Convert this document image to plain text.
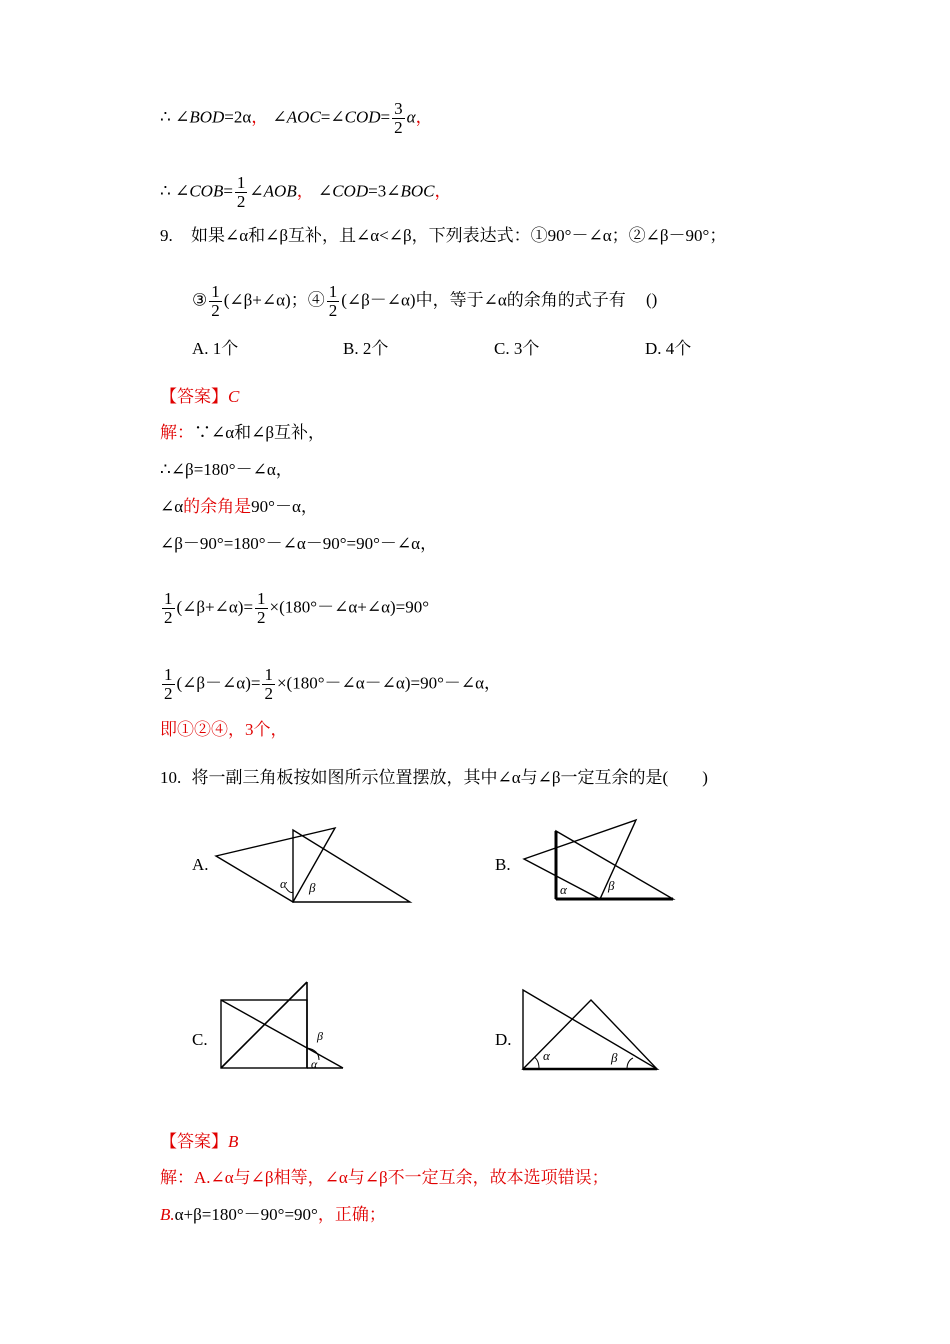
∴ ∠BOD=2α， ∠AOC=∠COD= $\frac{3}{2}$ α，
∴ ∠COB= $\frac{1}{2}$ ∠AOB， ∠COD=3∠BOC，
9. 如果∠α和∠β互补，且∠α<∠β，下列表达式：①90°－∠α；②∠β－90°；
③ $\frac{1}{2}$ (∠β+∠α)；④ $\frac{1}{2}$ (∠β－∠α)中，等于∠α的余角的式子有 ()
A. 1个	B. 2个	C. 3个	D. 4个
【答案】C
解：∵∠α和∠β互补，
∴∠β=180°－∠α，
∠α的余角是90°－α，
∠β－90°=180°－∠α－90°=90°－∠α，
$\frac{1}{2}$ (∠β+∠α)= $\frac{1}{2}$ ×(180°－∠α+∠α)=90°
$\frac{1}{2}$ (∠β－∠α)= $\frac{1}{2}$ ×(180°－∠α－∠α)=90°－∠α，
即①②④，3个，
10. 将一副三角板按如图所示位置摆放，其中∠α与∠β一定互余的是(　　)
A.
α β
B.
α	β
C.	β
α
D.
α	β
【答案】B
解：A.∠α与∠β相等，∠α与∠β不一定互余，故本选项错误；
B.α+β=180°－90°=90°，正确；
